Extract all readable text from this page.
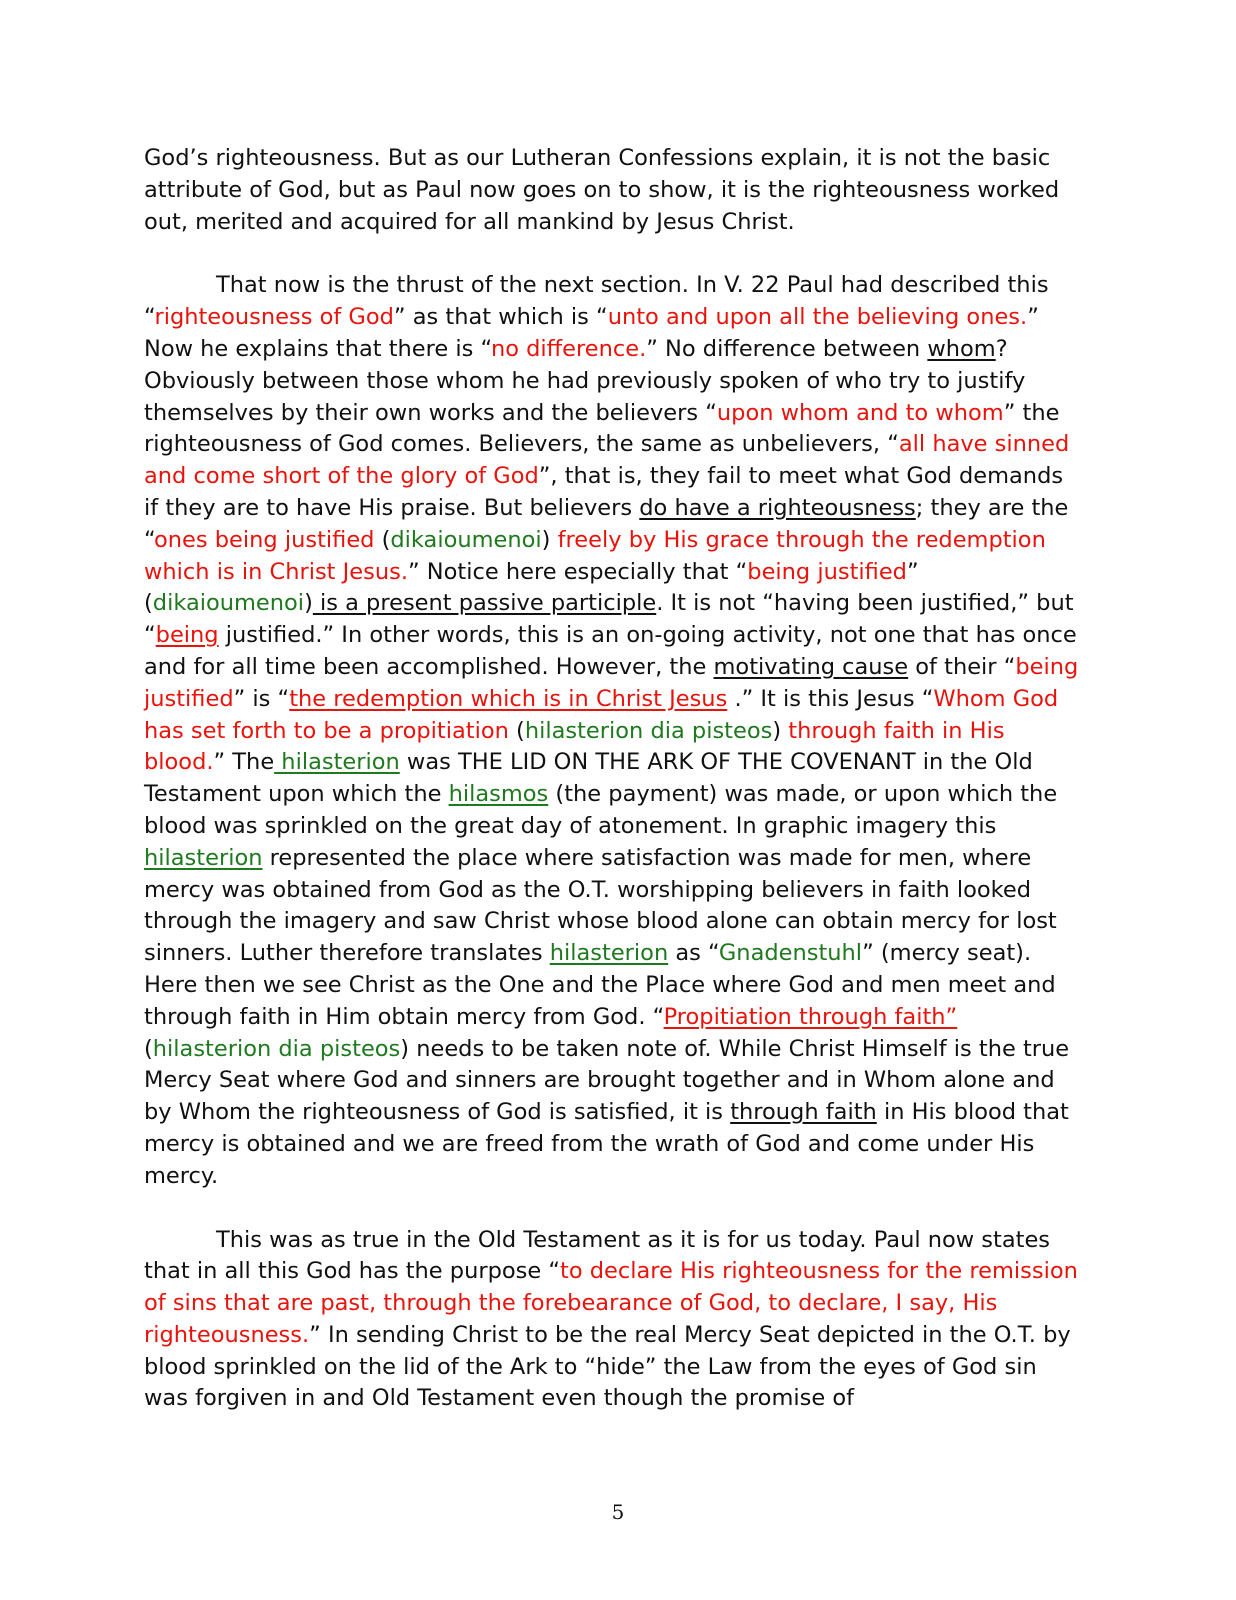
God’s righteousness. But as our Lutheran Confessions explain, it is not the basic attribute of God, but as Paul now goes on to show, it is the righteousness worked out, merited and acquired for all mankind by Jesus Christ.

That now is the thrust of the next section. In V. 22 Paul had described this “righteousness of God” as that which is “unto and upon all the believing ones.” Now he explains that there is “no difference.” No difference between whom? Obviously between those whom he had previously spoken of who try to justify themselves by their own works and the believers “upon whom and to whom” the righteousness of God comes. Believers, the same as unbelievers, “all have sinned and come short of the glory of God”, that is, they fail to meet what God demands if they are to have His praise. But believers do have a righteousness; they are the “ones being justified (dikaioumenoi) freely by His grace through the redemption which is in Christ Jesus.” Notice here especially that “being justified” (dikaioumenoi) is a present passive participle. It is not “having been justified,” but “being justified.” In other words, this is an on-going activity, not one that has once and for all time been accomplished. However, the motivating cause of their “being justified” is “the redemption which is in Christ Jesus .” It is this Jesus “Whom God has set forth to be a propitiation (hilasterion dia pisteos) through faith in His blood.” The hilasterion was THE LID ON THE ARK OF THE COVENANT in the Old Testament upon which the hilasmos (the payment) was made, or upon which the blood was sprinkled on the great day of atonement. In graphic imagery this hilasterion represented the place where satisfaction was made for men, where mercy was obtained from God as the O.T. worshipping believers in faith looked through the imagery and saw Christ whose blood alone can obtain mercy for lost sinners. Luther therefore translates hilasterion as “Gnadenstuhl” (mercy seat). Here then we see Christ as the One and the Place where God and men meet and through faith in Him obtain mercy from God. “Propitiation through faith” (hilasterion dia pisteos) needs to be taken note of. While Christ Himself is the true Mercy Seat where God and sinners are brought together and in Whom alone and by Whom the righteousness of God is satisfied, it is through faith in His blood that mercy is obtained and we are freed from the wrath of God and come under His mercy.

This was as true in the Old Testament as it is for us today. Paul now states that in all this God has the purpose “to declare His righteousness for the remission of sins that are past, through the forebearance of God, to declare, I say, His righteousness.” In sending Christ to be the real Mercy Seat depicted in the O.T. by blood sprinkled on the lid of the Ark to “hide” the Law from the eyes of God sin was forgiven in and Old Testament even though the promise of

5
